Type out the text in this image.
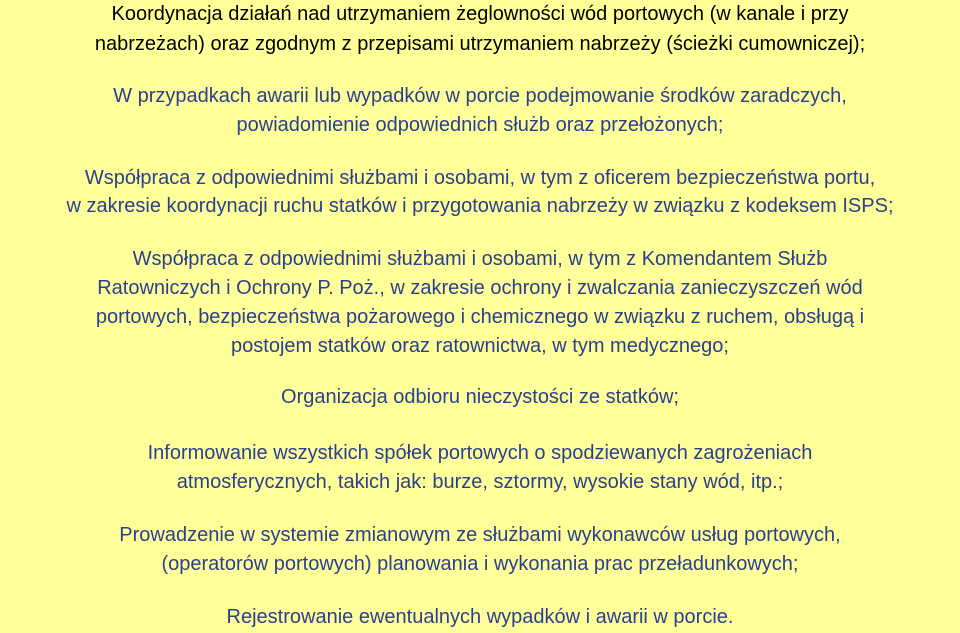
Koordynacja działań nad utrzymaniem żeglowności wód portowych (w kanale i przy
nabrzeżach) oraz zgodnym z przepisami utrzymaniem nabrzeży (ścieżki cumowniczej);
W przypadkach awarii lub wypadków w porcie podejmowanie środków zaradczych,
powiadomienie odpowiednich służb oraz przełożonych;
Współpraca z odpowiednimi służbami i osobami, w tym z oficerem bezpieczeństwa portu,
w zakresie koordynacji ruchu statków i przygotowania nabrzeży w związku z kodeksem ISPS;
Współpraca z odpowiednimi służbami i osobami, w tym z Komendantem Służb
Ratowniczych i Ochrony P. Poż., w zakresie ochrony i zwalczania zanieczyszczeń wód
portowych, bezpieczeństwa pożarowego i chemicznego w związku z ruchem, obsługą i
postojem statków oraz ratownictwa, w tym medycznego;
Organizacja odbioru nieczystości ze statków;
Informowanie wszystkich spółek portowych o spodziewanych zagrożeniach
atmosferycznych, takich jak: burze, sztormy, wysokie stany wód, itp.;
Prowadzenie w systemie zmianowym ze służbami wykonawców usług portowych,
(operatorów portowych) planowania i wykonania prac przeładunkowych;
Rejestrowanie ewentualnych wypadków i awarii w porcie.
